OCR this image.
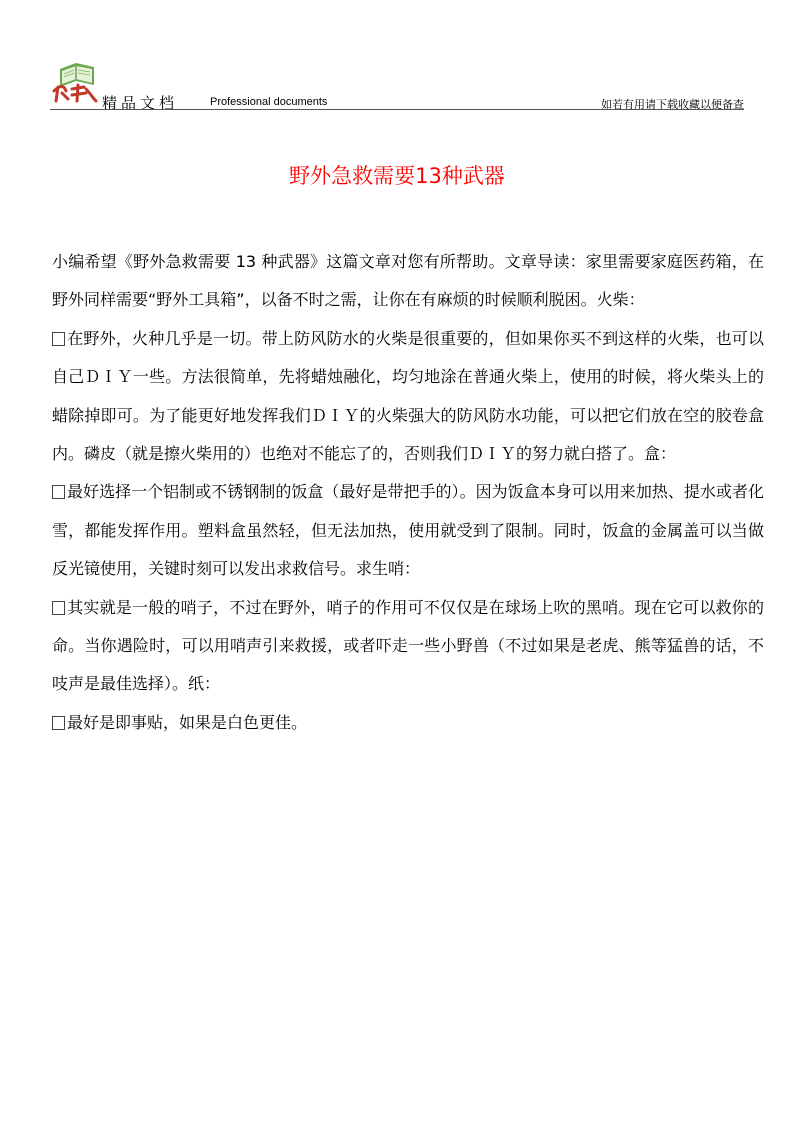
精品文档	Professional documents	如若有用请下载收藏以便备查
野外急救需要13种武器

小编希望《野外急救需要 13 种武器》这篇文章对您有所帮助。文章导读：家里需要家庭医药箱，在野外同样需要“野外工具箱”，以备不时之需，让你在有麻烦的时候顺利脱困。火柴：

在野外，火种几乎是一切。带上防风防水的火柴是很重要的，但如果你买不到这样的火柴，也可以自己ＤＩＹ一些。方法很简单，先将蜡烛融化，均匀地涂在普通火柴上，使用的时候，将火柴头上的蜡除掉即可。为了能更好地发挥我们ＤＩＹ的火柴强大的防风防水功能，可以把它们放在空的胶卷盒内。磷皮（就是擦火柴用的）也绝对不能忘了的，否则我们ＤＩＹ的努力就白搭了。盒：

最好选择一个铝制或不锈钢制的饭盒（最好是带把手的）。因为饭盒本身可以用来加热、提水或者化雪，都能发挥作用。塑料盒虽然轻，但无法加热，使用就受到了限制。同时，饭盒的金属盖可以当做反光镜使用，关键时刻可以发出求救信号。求生哨：

其实就是一般的哨子，不过在野外，哨子的作用可不仅仅是在球场上吹的黑哨。现在它可以救你的命。当你遇险时，可以用哨声引来救援，或者吓走一些小野兽（不过如果是老虎、熊等猛兽的话，不吱声是最佳选择）。纸：

最好是即事贴，如果是白色更佳。
